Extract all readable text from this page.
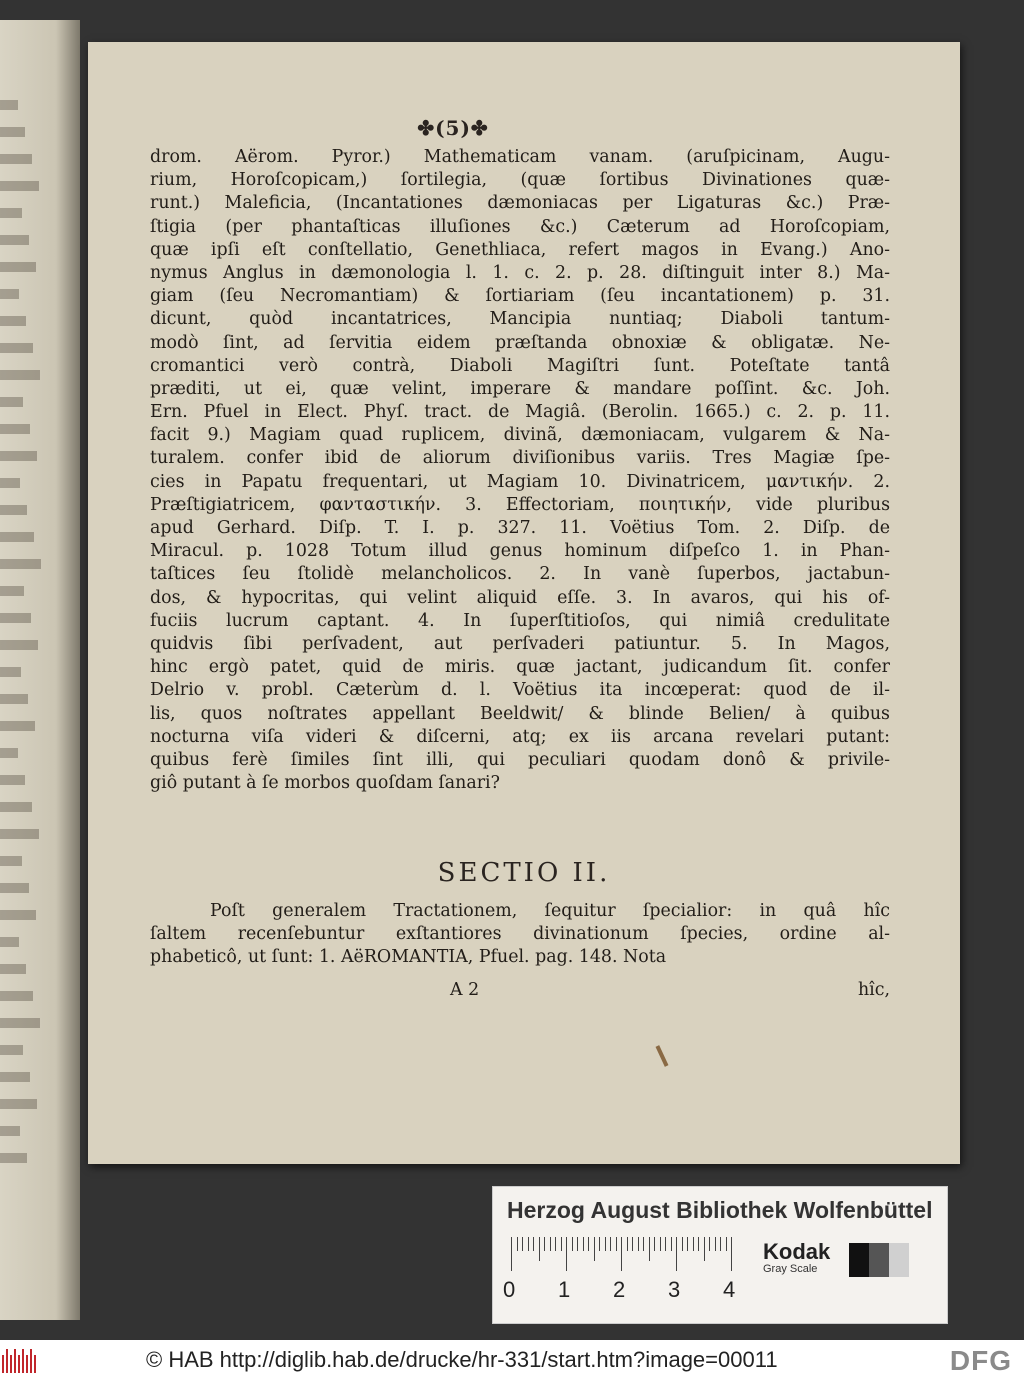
✤(5)✤
drom. Aërom. Pyror.) Mathematicam vanam. (aruſpicinam, Augu-
rium, Horoſcopicam,) ſortilegia, (quæ ſortibus Divinationes quæ-
runt.) Maleficia, (Incantationes dæmoniacas per Ligaturas &c.) Præ-
ſtigia (per phantaſticas illuſiones &c.) Cæterum ad Horoſcopiam,
quæ ipſi eſt conſtellatio, Genethliaca, refert magos in Evang.) Ano-
nymus Anglus in dæmonologia l. 1. c. 2. p. 28. diſtinguit inter 8.) Ma-
giam (ſeu Necromantiam) & ſortiariam (ſeu incantationem) p. 31.
dicunt, quòd incantatrices, Mancipia nuntiaq; Diaboli tantum-
modò ſint, ad ſervitia eidem præſtanda obnoxiæ & obligatæ. Ne-
cromantici verò contrà, Diaboli Magiſtri ſunt. Poteſtate tantâ
præditi, ut ei, quæ velint, imperare & mandare poſſint. &c. Joh.
Ern. Pfuel in Elect. Phyſ. tract. de Magiâ. (Berolin. 1665.) c. 2. p. 11.
facit 9.) Magiam quad ruplicem, divinã, dæmoniacam, vulgarem & Na-
turalem. confer ibid de aliorum diviſionibus variis. Tres Magiæ ſpe-
cies in Papatu frequentari, ut Magiam 10. Divinatricem, μαντικήν. 2.
Præſtigiatricem, φανταστικήν. 3. Effectoriam, ποιητικήν, vide pluribus
apud Gerhard. Diſp. T. I. p. 327. 11. Voëtius Tom. 2. Diſp. de
Miracul. p. 1028 Totum illud genus hominum diſpeſco 1. in Phan-
taſtices ſeu ſtolidè melancholicos. 2. In vanè ſuperbos, jactabun-
dos, & hypocritas, qui velint aliquid eſſe. 3. In avaros, qui his of-
fuciis lucrum captant. 4. In ſuperſtitioſos, qui nimiâ credulitate
quidvis ſibi perſvadent, aut perſvaderi patiuntur. 5. In Magos,
hinc ergò patet, quid de miris. quæ jactant, judicandum ſit. confer
Delrio v. probl. Cæterùm d. l. Voëtius ita incœperat: quod de il-
lis, quos noſtrates appellant Beeldwit/ & blinde Belien/ à quibus
nocturna viſa videri & diſcerni, atq; ex iis arcana revelari putant:
quibus ferè ſimiles ſint illi, qui peculiari quodam donô & privile-
giô putant à ſe morbos quoſdam ſanari?
SECTIO II.
Poſt generalem Tractationem, ſequitur ſpecialior: in quâ hîc
ſaltem recenſebuntur exſtantiores divinationum ſpecies, ordine al-
phabeticô, ut ſunt: 1. AëROMANTIA, Pfuel. pag. 148. Nota
A 2	hîc,
Herzog August Bibliothek Wolfenbüttel
0 1 2 3 4
Kodak
Gray Scale
© HAB http://diglib.hab.de/drucke/hr-331/start.htm?image=00011	DFG
